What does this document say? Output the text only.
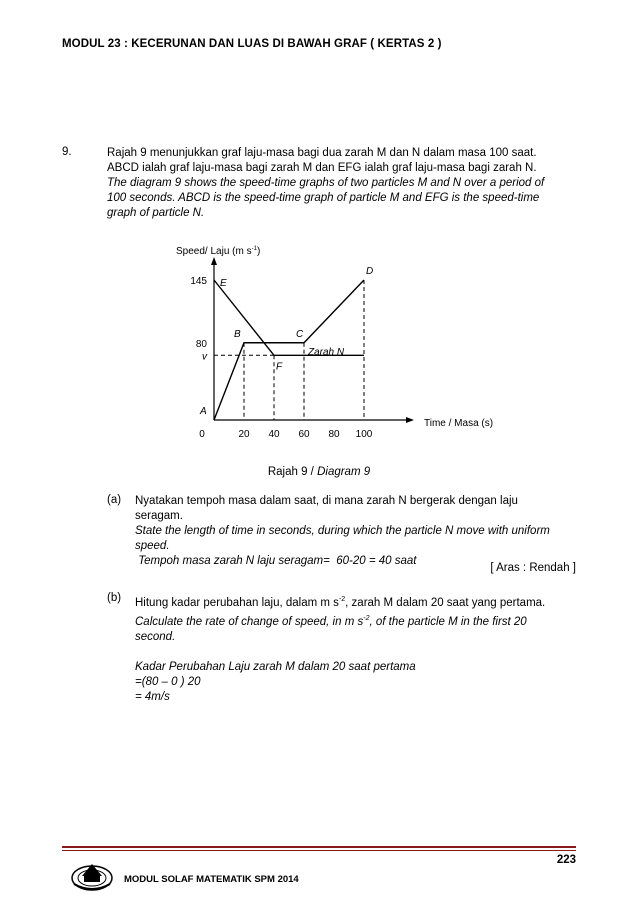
MODUL 23 : KECERUNAN DAN LUAS DI BAWAH GRAF ( KERTAS 2 )
9.	Rajah 9 menunjukkan graf laju-masa bagi dua zarah M dan N dalam masa 100 saat.
ABCD ialah graf laju-masa bagi zarah M dan EFG ialah graf laju-masa bagi zarah N.
The diagram 9 shows the speed-time graphs of two particles M and N over a period of
100 seconds. ABCD is the speed-time graph of particle M and EFG is the speed-time
graph of particle N.
Speed/ Laju (m $s^{-1}$)
Time / Masa (s)
0	20 40 60 80 100
145
80
v
A
B	C
D
E
F
Zarah N
Rajah 9 / Diagram 9
(a) Nyatakan tempoh masa dalam saat, di mana zarah N bergerak dengan laju
seragam.
State the length of time in seconds, during which the particle N move with uniform
speed.
Tempoh masa zarah N laju seragam=  60-20 = 40 saat
[ Aras : Rendah ]
(b) Hitung kadar perubahan laju, dalam m $s^{-2}$, zarah M dalam 20 saat yang pertama.
Calculate the rate of change of speed, in m $s^{-2}$, of the particle M in the first 20
second.
Kadar Perubahan Laju zarah M dalam 20 saat pertama
=(80 – 0 ) 20
= 4m/s
223
MODUL SOLAF MATEMATIK SPM 2014
